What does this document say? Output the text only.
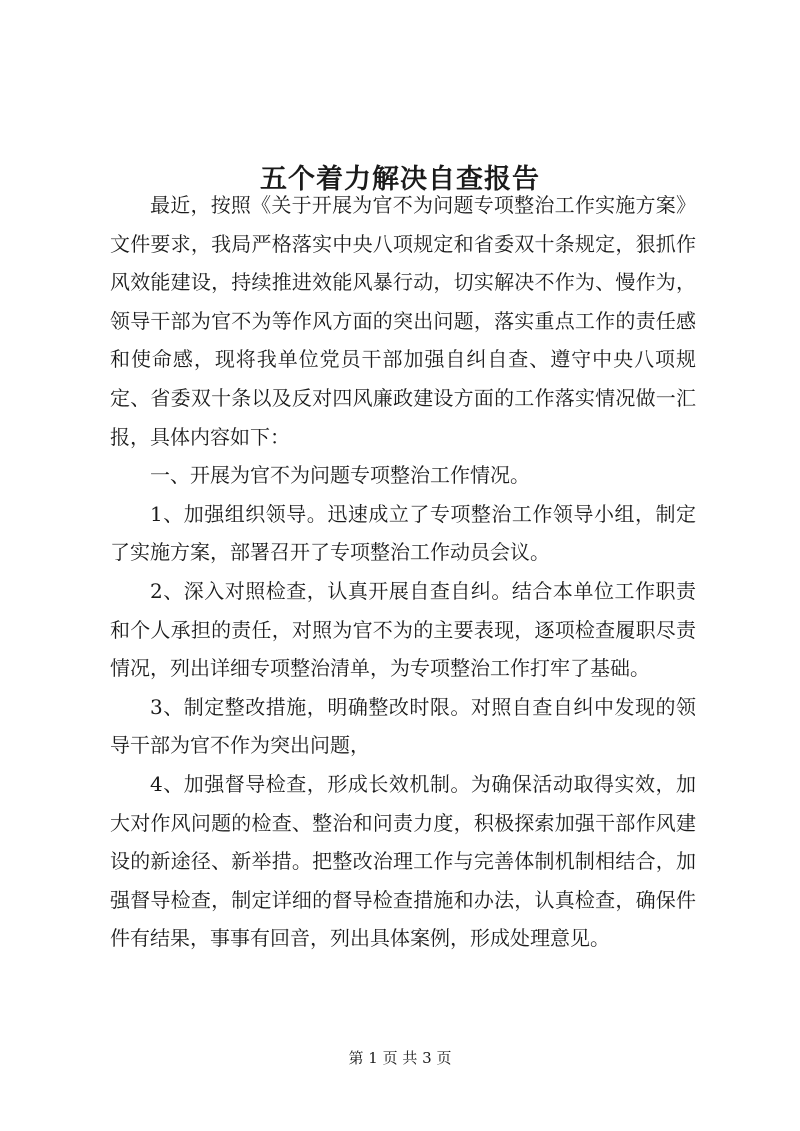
五个着力解决自查报告

最近，按照《关于开展为官不为问题专项整治工作实施方案》文件要求，我局严格落实中央八项规定和省委双十条规定，狠抓作风效能建设，持续推进效能风暴行动，切实解决不作为、慢作为，领导干部为官不为等作风方面的突出问题，落实重点工作的责任感和使命感，现将我单位党员干部加强自纠自查、遵守中央八项规定、省委双十条以及反对四风廉政建设方面的工作落实情况做一汇报，具体内容如下：

一、开展为官不为问题专项整治工作情况。

1、加强组织领导。迅速成立了专项整治工作领导小组，制定了实施方案，部署召开了专项整治工作动员会议。

2、深入对照检查，认真开展自查自纠。结合本单位工作职责和个人承担的责任，对照为官不为的主要表现，逐项检查履职尽责情况，列出详细专项整治清单，为专项整治工作打牢了基础。

3、制定整改措施，明确整改时限。对照自查自纠中发现的领导干部为官不作为突出问题，

4、加强督导检查，形成长效机制。为确保活动取得实效，加大对作风问题的检查、整治和问责力度，积极探索加强干部作风建设的新途径、新举措。把整改治理工作与完善体制机制相结合，加强督导检查，制定详细的督导检查措施和办法，认真检查，确保件件有结果，事事有回音，列出具体案例，形成处理意见。

第 1 页 共 3 页
